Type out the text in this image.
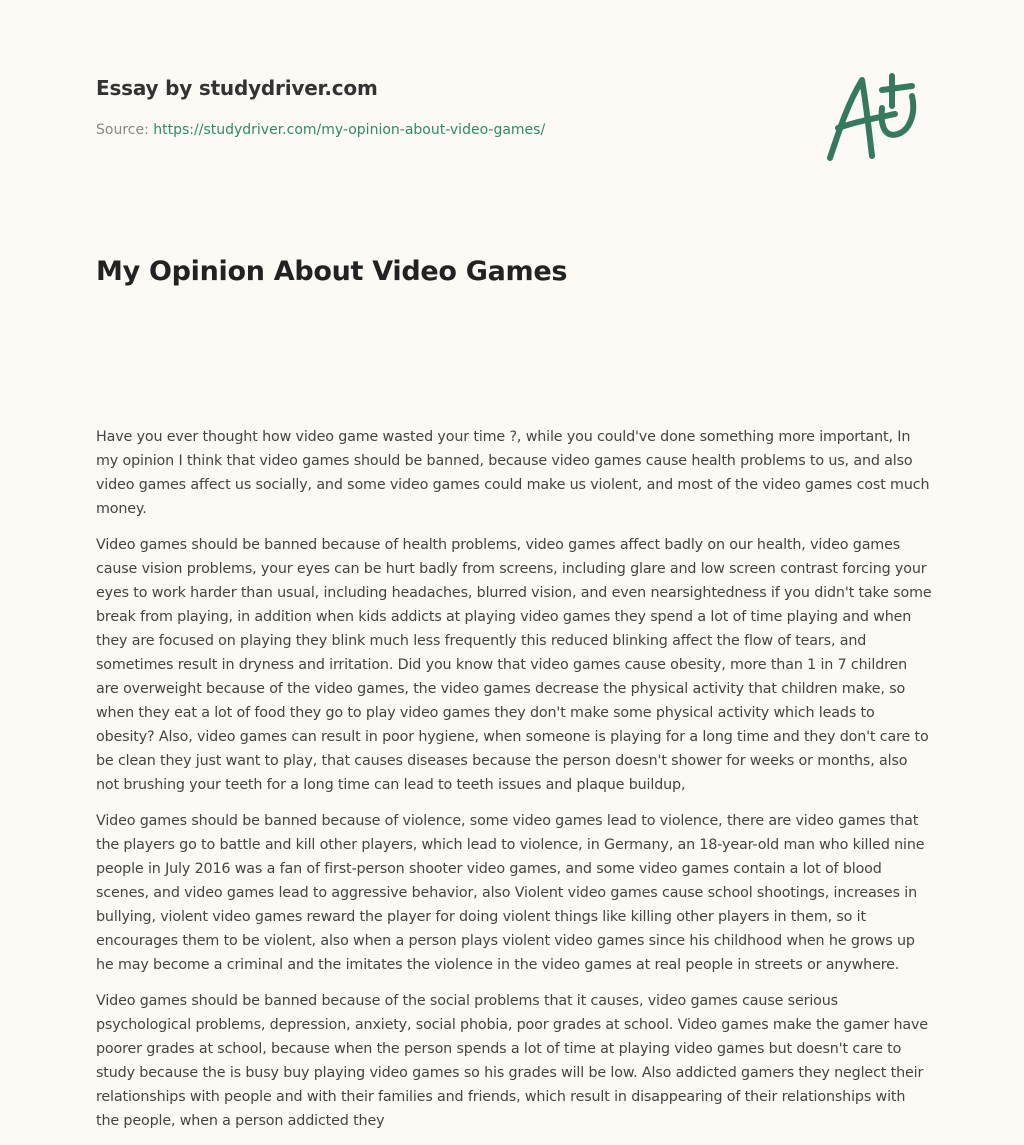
Essay by studydriver.com
Source: https://studydriver.com/my-opinion-about-video-games/
My Opinion About Video Games

Have you ever thought how video game wasted your time ?, while you could've done something more important, In my opinion I think that video games should be banned, because video games cause health problems to us, and also video games affect us socially, and some video games could make us violent, and most of the video games cost much money.

Video games should be banned because of health problems, video games affect badly on our health, video games cause vision problems, your eyes can be hurt badly from screens, including glare and low screen contrast forcing your eyes to work harder than usual, including headaches, blurred vision, and even nearsightedness if you didn't take some break from playing, in addition when kids addicts at playing video games they spend a lot of time playing and when they are focused on playing they blink much less frequently this reduced blinking affect the flow of tears, and sometimes result in dryness and irritation. Did you know that video games cause obesity, more than 1 in 7 children are overweight because of the video games, the video games decrease the physical activity that children make, so when they eat a lot of food they go to play video games they don't make some physical activity which leads to obesity? Also, video games can result in poor hygiene, when someone is playing for a long time and they don't care to be clean they just want to play, that causes diseases because the person doesn't shower for weeks or months, also not brushing your teeth for a long time can lead to teeth issues and plaque buildup,

Video games should be banned because of violence, some video games lead to violence, there are video games that the players go to battle and kill other players, which lead to violence, in Germany, an 18-year-old man who killed nine people in July 2016 was a fan of first-person shooter video games, and some video games contain a lot of blood scenes, and video games lead to aggressive behavior, also Violent video games cause school shootings, increases in bullying, violent video games reward the player for doing violent things like killing other players in them, so it encourages them to be violent, also when a person plays violent video games since his childhood when he grows up he may become a criminal and the imitates the violence in the video games at real people in streets or anywhere.

Video games should be banned because of the social problems that it causes, video games cause serious psychological problems, depression, anxiety, social phobia, poor grades at school. Video games make the gamer have poorer grades at school, because when the person spends a lot of time at playing video games but doesn't care to study because the is busy buy playing video games so his grades will be low. Also addicted gamers they neglect their relationships with people and with their families and friends, which result in disappearing of their relationships with the people, when a person addicted they
